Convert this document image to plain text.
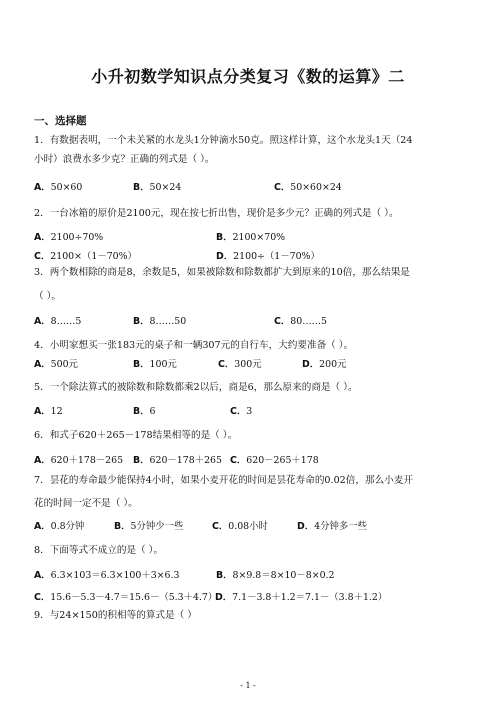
小升初数学知识点分类复习《数的运算》二
一、选择题
1．有数据表明，一个未关紧的水龙头1分钟滴水50克。照这样计算，这个水龙头1天（24
小时）浪费水多少克？正确的列式是（ ）。
A．50×60	B．50×24	C．50×60×24
2．一台冰箱的原价是2100元，现在按七折出售，现价是多少元？正确的列式是（ ）。
A．2100÷70%	B．2100×70%
C．2100×（1－70%）	D．2100÷（1－70%）
3．两个数相除的商是8，余数是5，如果被除数和除数都扩大到原来的10倍，那么结果是
（ ）。
A．8……5	B．8……50	C．80……5
4．小明家想买一张183元的桌子和一辆307元的自行车，大约要准备（ ）。
A．500元	B．100元	C．300元	D．200元
5．一个除法算式的被除数和除数都乘2以后，商是6，那么原来的商是（ ）。
A．12	B．6	C．3
6．和式子620＋265－178结果相等的是（ ）。
A．620＋178－265 B．620－178＋265 C．620－265＋178
7．昙花的寿命最少能保持4小时，如果小麦开花的时间是昙花寿命的0.02倍，那么小麦开
花的时间一定不是（ ）。
A．0.8分钟	B．5分钟少一些	C．0.08小时	D．4分钟多一些
8．下面等式不成立的是（ ）。
A．6.3×103＝6.3×100＋3×6.3	B．8×9.8＝8×10－8×0.2
C．15.6－5.3－4.7＝15.6－（5.3＋4.7）
D．7.1－3.8＋1.2＝7.1－（3.8＋1.2）
9．与24×150的积相等的算式是（ ）
- 1 -
